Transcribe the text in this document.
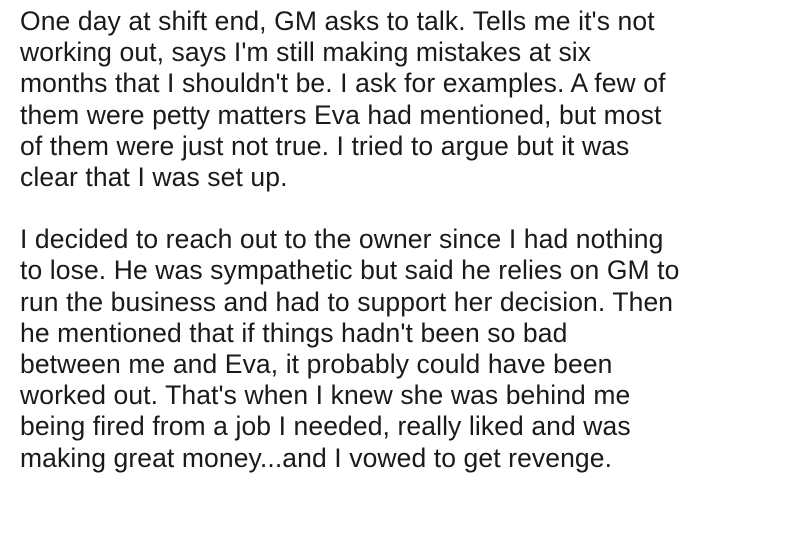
One day at shift end, GM asks to talk. Tells me it's not
working out, says I'm still making mistakes at six
months that I shouldn't be. I ask for examples. A few of
them were petty matters Eva had mentioned, but most
of them were just not true. I tried to argue but it was
clear that I was set up.

I decided to reach out to the owner since I had nothing
to lose. He was sympathetic but said he relies on GM to
run the business and had to support her decision. Then
he mentioned that if things hadn't been so bad
between me and Eva, it probably could have been
worked out. That's when I knew she was behind me
being fired from a job I needed, really liked and was
making great money...and I vowed to get revenge.
